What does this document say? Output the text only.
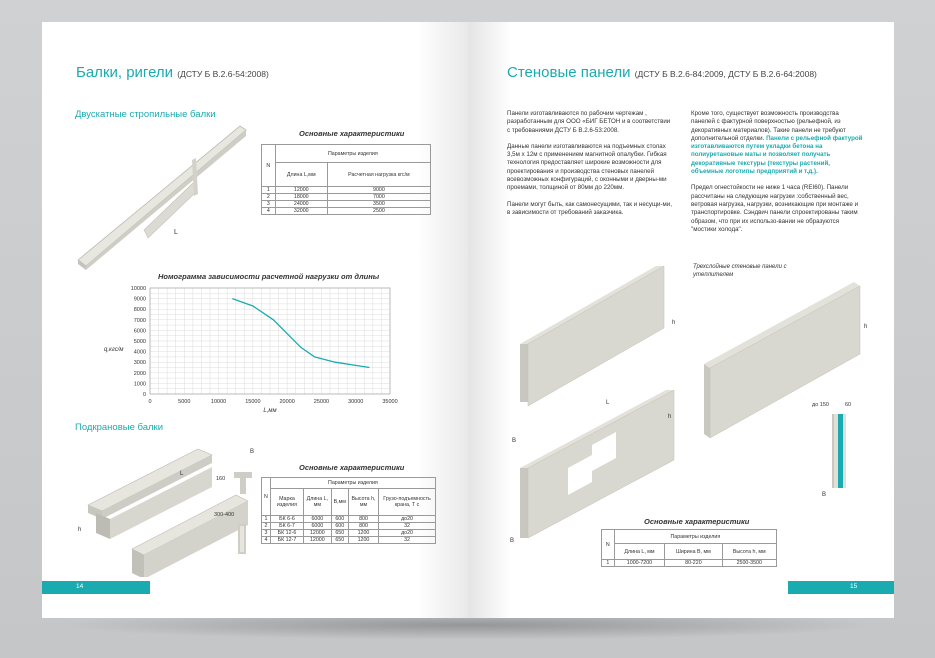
Балки, ригели (ДСТУ Б В.2.6-54:2008)
Двускатные стропильные балки
L
Основные характеристики
N	Параметры изделия	
	Длина L,мм	Расчетная нагрузка кгс/м
1	12000	9000
2	18000	7000
3	24000	3500
4	32000	2500
Номограмма зависимости расчетной нагрузки от длины
0	5000	10000	15000	20000	25000	30000	35000
0
1000
2000
3000
4000
5000
6000
7000
8000
9000
10000
L,мм
q,кгс/м
Подкрановые балки
L
h
B
160
300-400
Основные характеристики
N	Параметры изделия				
	Марка изделия	Длина L, мм	В,мм	Высота h, мм	Грузо-подъемность крана, Т с
1	БК 6-6	6000	600	800	до20
2	БК 6-7	6000	600	800	32
3	БК 12-6	12000	650	1200	до20
4	БК 12-7	12000	650	1200	32
14
Стеновые панели (ДСТУ Б В.2.6-84:2009, ДСТУ Б В.2.6-64:2008)

Панели изготавливаются по рабочим чертежам , разработанным для ООО «БИГ БЕТОН и в соответствии с требованиями ДСТУ Б В.2.6-53:2008.

Данные панели изготавливаются на подъемных столах 3,5м х 12м с применением магнитной опалубки. Гибкая технология предоставляет широкие возможности для проектирования и производства стеновых панелей всевозможных конфигураций, с оконными и дверны-ми проемами, толщиной от 80мм до 220мм.

Панели могут быть, как самонесущими, так и несущи-ми, в зависимости от требований заказчика.

Кроме того, существует возможность производства панелей с фактурной поверхностью (рельефной, из декоративных материалов). Такие панели не требуют дополнительной отделки. Панели с рельефной фактурой изготавливаются путем укладки бетона на полиуретановые маты и позволяет получать декоративные текстуры (текстуры растений, объемные логотипы предприятий и т.д.).

Предел огнестойкости не ниже 1 часа (REI60). Панели рассчитаны на следующие нагрузки :собственный вес, ветровая нагрузка, нагрузки, возникающие при монтаже и транспортировке. Сэндвич панели спроектированы таким образом, что при их использо-вании не образуются "мостики холода".

Трехслойные стеновые панели с утеплителем
B
L
h
B
h
h
до 150	60
B
Основные характеристики
N	Параметры изделия		
	Длина L, мм	Ширина В, мм	Высота h, мм
1	1000-7200	80-220	2500-3500
15
